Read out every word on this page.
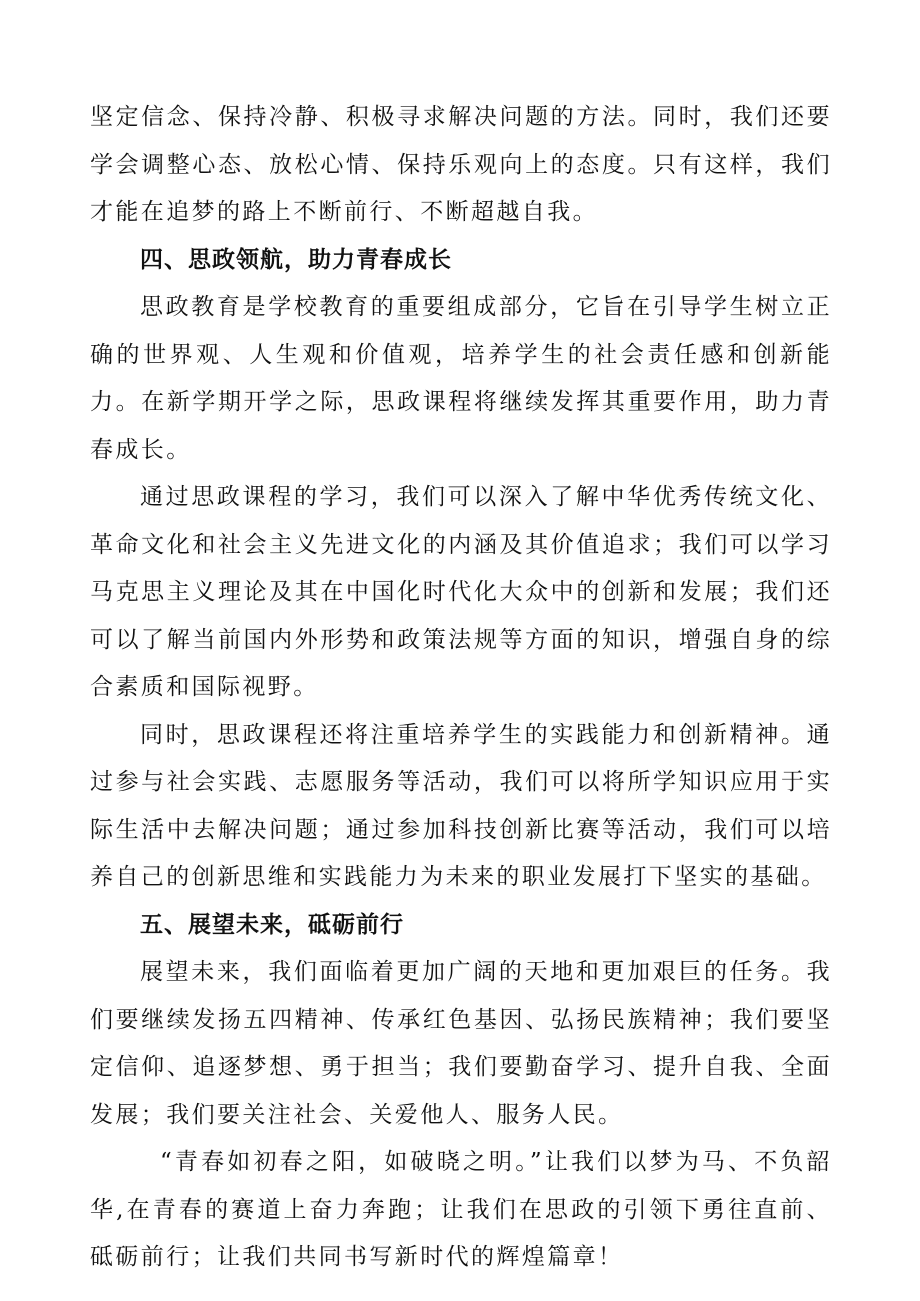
坚定信念、保持冷静、积极寻求解决问题的方法。同时，我们还要学会调整心态、放松心情、保持乐观向上的态度。只有这样，我们才能在追梦的路上不断前行、不断超越自我。

四、思政领航，助力青春成长

思政教育是学校教育的重要组成部分，它旨在引导学生树立正确的世界观、人生观和价值观，培养学生的社会责任感和创新能力。在新学期开学之际，思政课程将继续发挥其重要作用，助力青春成长。

通过思政课程的学习，我们可以深入了解中华优秀传统文化、革命文化和社会主义先进文化的内涵及其价值追求；我们可以学习马克思主义理论及其在中国化时代化大众中的创新和发展；我们还可以了解当前国内外形势和政策法规等方面的知识，增强自身的综合素质和国际视野。

同时，思政课程还将注重培养学生的实践能力和创新精神。通过参与社会实践、志愿服务等活动，我们可以将所学知识应用于实际生活中去解决问题；通过参加科技创新比赛等活动，我们可以培养自己的创新思维和实践能力为未来的职业发展打下坚实的基础。

五、展望未来，砥砺前行

展望未来，我们面临着更加广阔的天地和更加艰巨的任务。我们要继续发扬五四精神、传承红色基因、弘扬民族精神；我们要坚定信仰、追逐梦想、勇于担当；我们要勤奋学习、提升自我、全面发展；我们要关注社会、关爱他人、服务人民。

“青春如初春之阳，如破晓之明。”让我们以梦为马、不负韶华,在青春的赛道上奋力奔跑；让我们在思政的引领下勇往直前、砥砺前行；让我们共同书写新时代的辉煌篇章！
